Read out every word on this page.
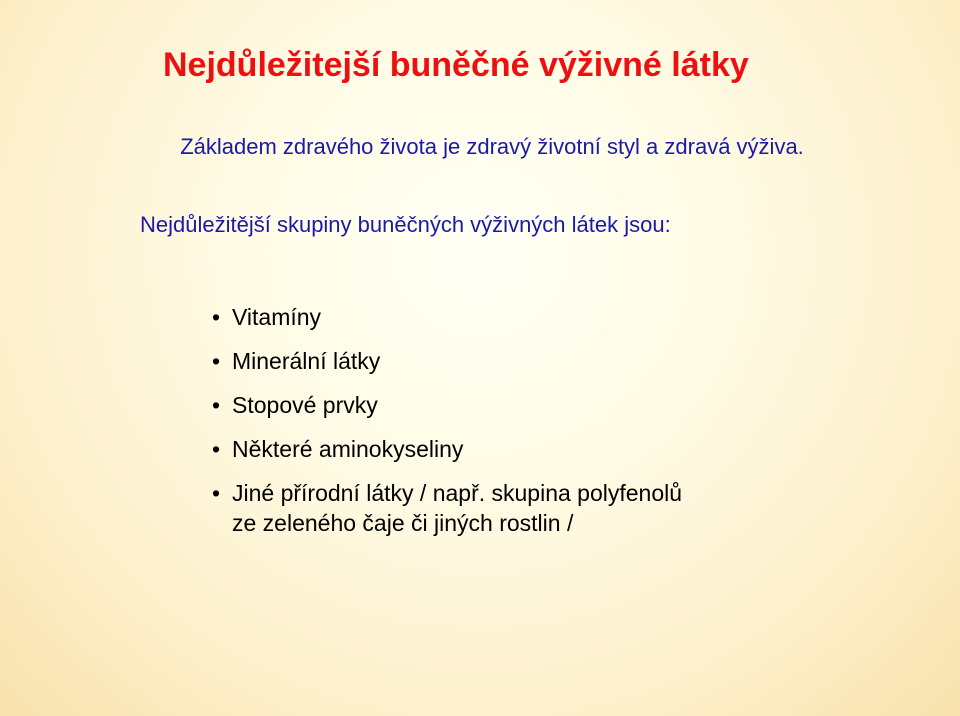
Nejdůležitejší buněčné výživné látky

Základem zdravého života je zdravý životní styl a zdravá výživa.

Nejdůležitější skupiny buněčných výživných látek jsou:

• Vitamíny
• Minerální látky
• Stopové prvky
• Některé aminokyseliny
• Jiné přírodní látky / např. skupina polyfenolů ze zeleného čaje či jiných rostlin /
